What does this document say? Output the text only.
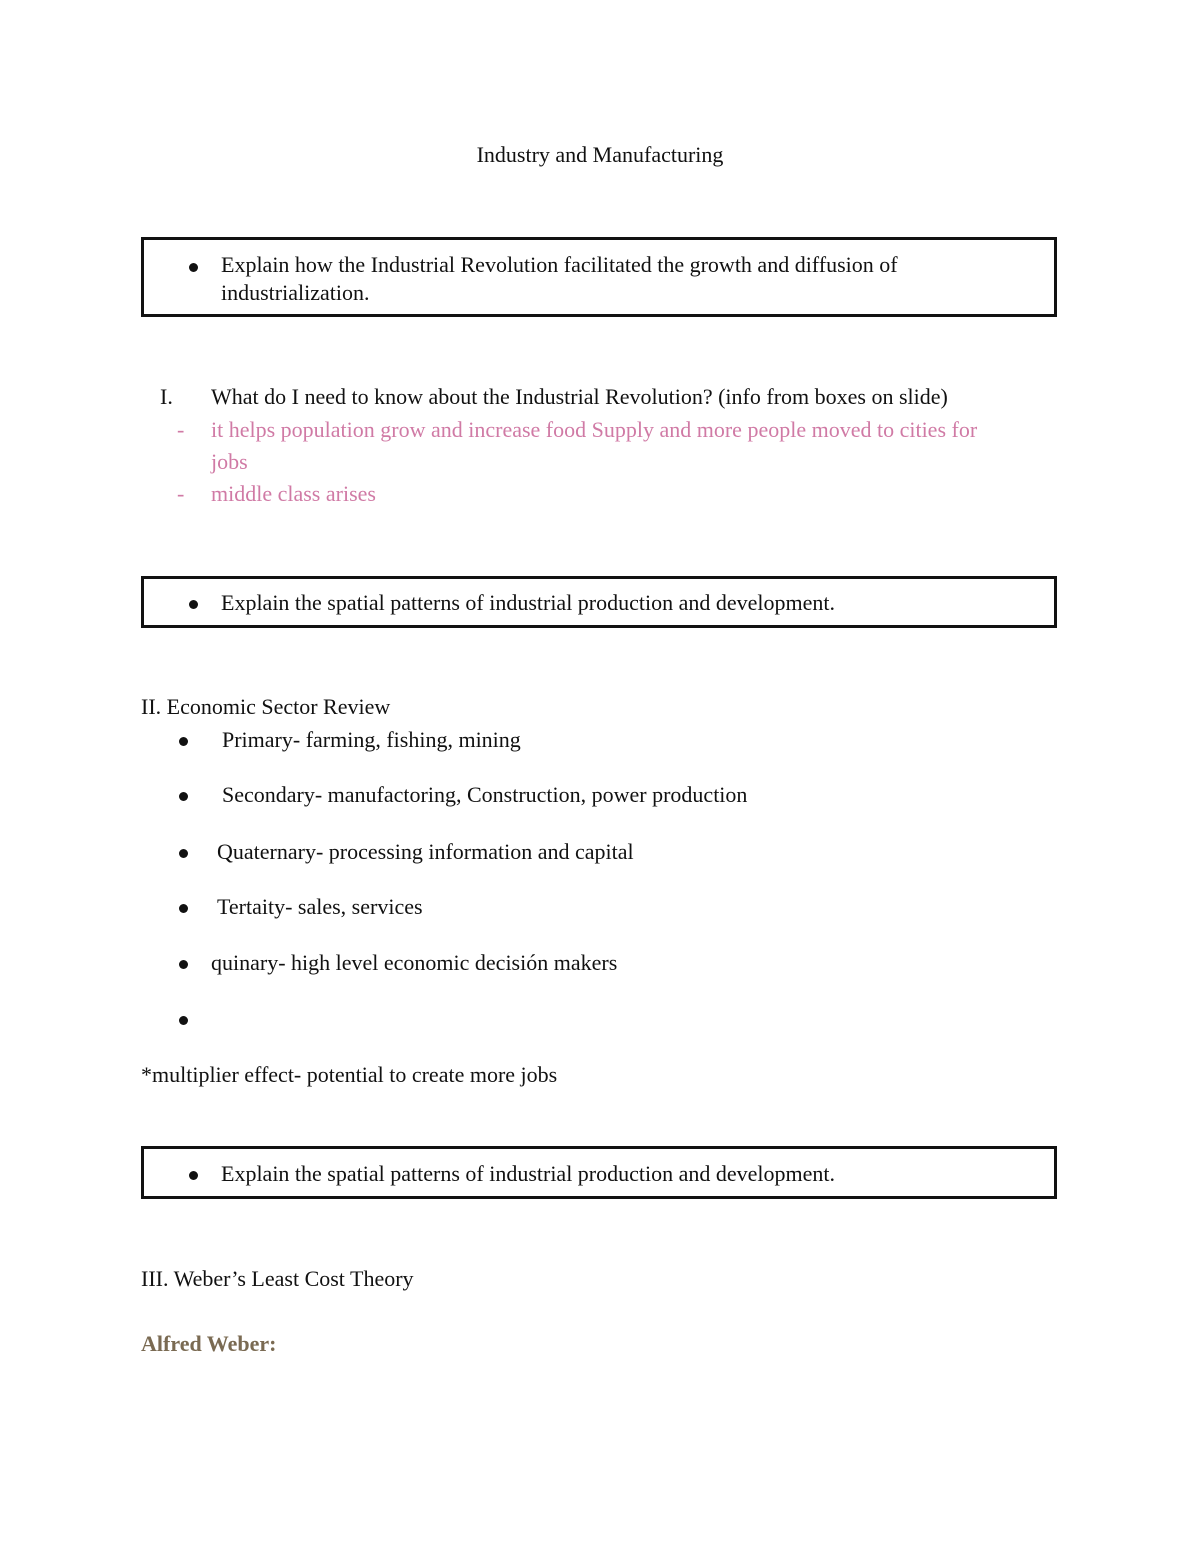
Industry and Manufacturing
Explain how the Industrial Revolution facilitated the growth and diffusion of industrialization.
I. What do I need to know about the Industrial Revolution? (info from boxes on slide)
- it helps population grow and increase food Supply and more people moved to cities for
jobs
- middle class arises
Explain the spatial patterns of industrial production and development.
II. Economic Sector Review
Primary- farming, fishing, mining
Secondary- manufactoring, Construction, power production
Quaternary- processing information and capital
Tertaity- sales, services
quinary- high level economic decisión makers
*multiplier effect- potential to create more jobs
Explain the spatial patterns of industrial production and development.
III. Weber’s Least Cost Theory
Alfred Weber:
